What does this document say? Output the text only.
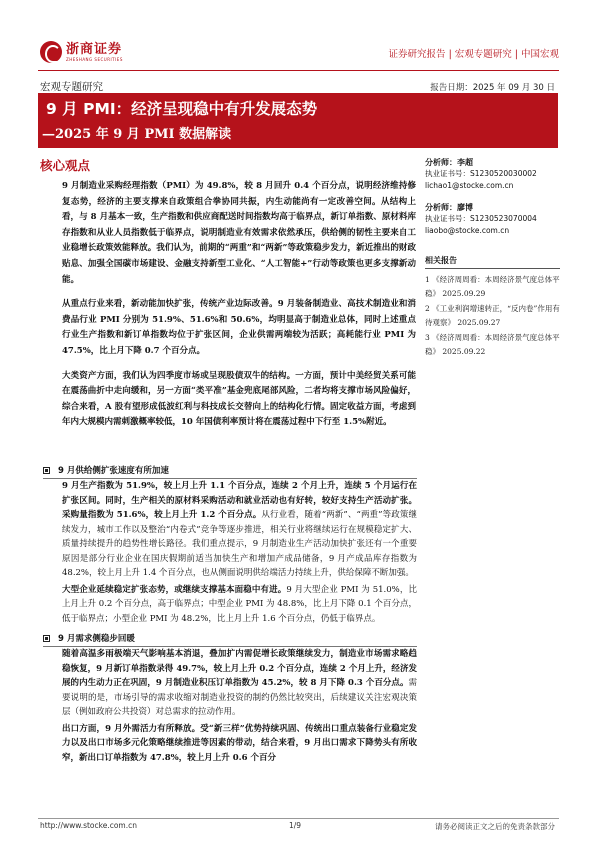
浙商证券
ZHESHANG SECURITIES	证券研究报告 | 宏观专题研究 | 中国宏观
宏观专题研究	报告日期：2025 年 09 月 30 日
9 月 PMI：经济呈现稳中有升发展态势
—2025 年 9 月 PMI 数据解读
核心观点

9 月制造业采购经理指数（PMI）为 49.8%，较 8 月回升 0.4 个百分点，说明经济维持修复态势，经济的主要支撑来自政策组合拳协同共振，内生动能尚有一定改善空间。从结构上看，与 8 月基本一致，生产指数和供应商配送时间指数均高于临界点，新订单指数、原材料库存指数和从业人员指数低于临界点，说明制造业有效需求依然承压，供给侧的韧性主要来自工业稳增长政策效能释放。我们认为，前期的“两重”和“两新”等政策稳步发力，新近推出的财政贴息、加强全国碳市场建设、金融支持新型工业化、“人工智能+”行动等政策也更多支撑新动能。

从重点行业来看，新动能加快扩张，传统产业边际改善。9 月装备制造业、高技术制造业和消费品行业 PMI 分别为 51.9%、51.6%和 50.6%，均明显高于制造业总体，同时上述重点行业生产指数和新订单指数均位于扩张区间，企业供需两端较为活跃；高耗能行业 PMI 为 47.5%，比上月下降 0.7 个百分点。

大类资产方面，我们认为四季度市场或呈现股债双牛的结构。一方面，预计中美经贸关系可能在震荡曲折中走向缓和，另一方面“类平准”基金兜底尾部风险，二者均将支撑市场风险偏好，综合来看，A 股有望形成低波红利与科技成长交替向上的结构化行情。固定收益方面，考虑到年内大规模内需刺激概率较低，10 年国债利率预计将在震荡过程中下行至 1.5%附近。

9 月供给侧扩张速度有所加速

9 月生产指数为 51.9%，较上月上升 1.1 个百分点，连续 2 个月上升，连续 5 个月运行在扩张区间。同时，生产相关的原材料采购活动和就业活动也有好转，较好支持生产活动扩张。采购量指数为 51.6%，较上月上升 1.2 个百分点。从行业看，随着“两新”、“两重”等政策继续发力，城市工作以及整治“内卷式”竞争等逐步推进，相关行业将继续运行在规模稳定扩大、质量持续提升的趋势性增长路径。我们重点提示，9 月制造业生产活动加快扩张还有一个重要原因是部分行业企业在国庆假期前适当加快生产和增加产成品储备，9 月产成品库存指数为 48.2%，较上月上升 1.4 个百分点，也从侧面说明供给端活力持续上升，供给保障不断加强。

大型企业延续稳定扩张态势，或继续支撑基本面稳中有进。9 月大型企业 PMI 为 51.0%，比上月上升 0.2 个百分点，高于临界点；中型企业 PMI 为 48.8%，比上月下降 0.1 个百分点，低于临界点；小型企业 PMI 为 48.2%，比上月上升 1.6 个百分点，仍低于临界点。

9 月需求侧稳步回暖

随着高温多雨极端天气影响基本消退，叠加扩内需促增长政策继续发力，制造业市场需求略趋稳恢复，9 月新订单指数录得 49.7%，较上月上升 0.2 个百分点，连续 2 个月上升，经济发展的内生动力正在巩固，9 月制造业积压订单指数为 45.2%，较 8 月下降 0.3 个百分点。需要说明的是，市场引导的需求收缩对制造业投资的制约仍然比较突出，后续建议关注宏观决策层（例如政府公共投资）对总需求的拉动作用。

出口方面，9 月外需活力有所释放。受“新三样”优势持续巩固、传统出口重点装备行业稳定发力以及出口市场多元化策略继续推进等因素的带动，结合来看，9 月出口需求下降势头有所收窄，新出口订单指数为 47.8%，较上月上升 0.6 个百分

分析师：李超
执业证书号：S1230520030002
lichao1@stocke.com.cn
分析师：廖博
执业证书号：S1230523070004
liaobo@stocke.com.cn
相关报告
1 《经济周周看：本周经济景气度总体平稳》 2025.09.29
2 《工业利润增速转正，“反内卷”作用有待观察》 2025.09.27
3 《经济周周看：本周经济景气度总体平稳》 2025.09.22
http://www.stocke.com.cn	1/9	请务必阅读正文之后的免责条款部分
